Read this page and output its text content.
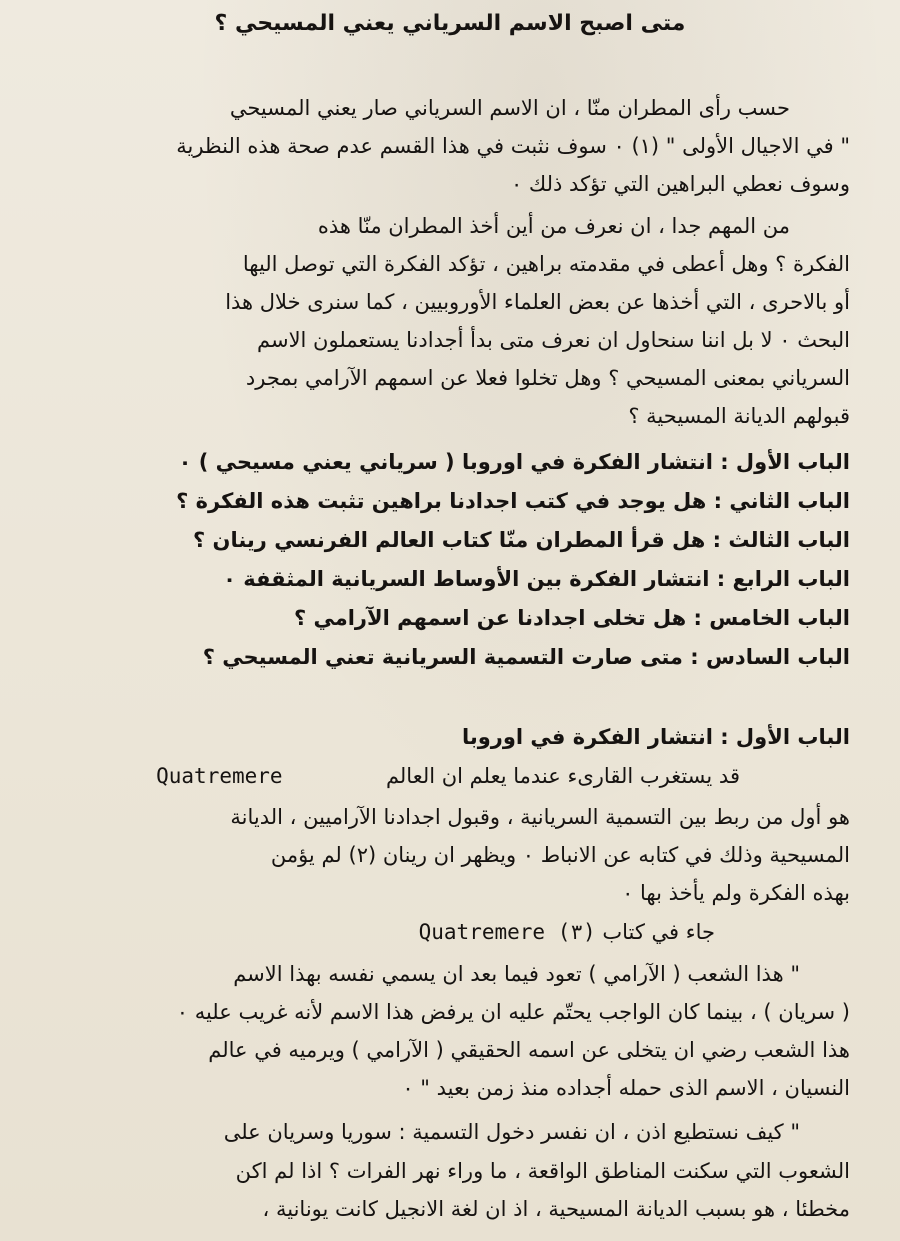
متى اصبح الاسم السرياني يعني المسيحي ؟
حسب رأى المطران منّا ، ان الاسم السرياني صار يعني المسيحي
" في الاجيال الأولى " (١) ٠ سوف نثبت في هذا القسم عدم صحة هذه النظرية
وسوف نعطي البراهين التي تؤكد ذلك ٠
من المهم جدا ، ان نعرف من أين أخذ المطران منّا هذه
الفكرة ؟ وهل أعطى في مقدمته براهين ، تؤكد الفكرة التي توصل اليها
أو بالاحرى ، التي أخذها عن بعض العلماء الأوروبيين ، كما سنرى خلال هذا
البحث ٠ لا بل اننا سنحاول ان نعرف متى بدأ أجدادنا يستعملون الاسم
السرياني بمعنى المسيحي ؟ وهل تخلوا فعلا عن اسمهم الآرامي بمجرد
قبولهم الديانة المسيحية ؟
الباب الأول : انتشار الفكرة في اوروبا ( سرياني يعني مسيحي ) ٠
الباب الثاني : هل يوجد في كتب اجدادنا براهين تثبت هذه الفكرة ؟
الباب الثالث : هل قرأ المطران منّا كتاب العالم الفرنسي رينان ؟
الباب الرابع : انتشار الفكرة بين الأوساط السريانية المثقفة ٠
الباب الخامس : هل تخلى اجدادنا عن اسمهم الآرامي ؟
الباب السادس : متى صارت التسمية السريانية تعني المسيحي ؟
الباب الأول : انتشار الفكرة في اوروبا
قد يستغرب القارىء عندما يعلم ان العالم  Quatremere
هو أول من ربط بين التسمية السريانية ، وقبول اجدادنا الآراميين ، الديانة
المسيحية وذلك في كتابه عن الانباط ٠ ويظهر ان رينان (٢) لم يؤمن
بهذه الفكرة ولم يأخذ بها ٠
جاء في كتاب Quatremere (٣)
" هذا الشعب ( الآرامي ) تعود فيما بعد ان يسمي نفسه بهذا الاسم
( سريان ) ، بينما كان الواجب يحتّم عليه ان يرفض هذا الاسم لأنه غريب عليه ٠
هذا الشعب رضي ان يتخلى عن اسمه الحقيقي ( الآرامي ) ويرميه في عالم
النسيان ، الاسم الذى حمله أجداده منذ زمن بعيد " ٠
" كيف نستطيع اذن ، ان نفسر دخول التسمية : سوريا وسريان على
الشعوب التي سكنت المناطق الواقعة ، ما وراء نهر الفرات ؟ اذا لم اكن
مخطئا ، هو بسبب الديانة المسيحية ، اذ ان لغة الانجيل كانت يونانية ،
